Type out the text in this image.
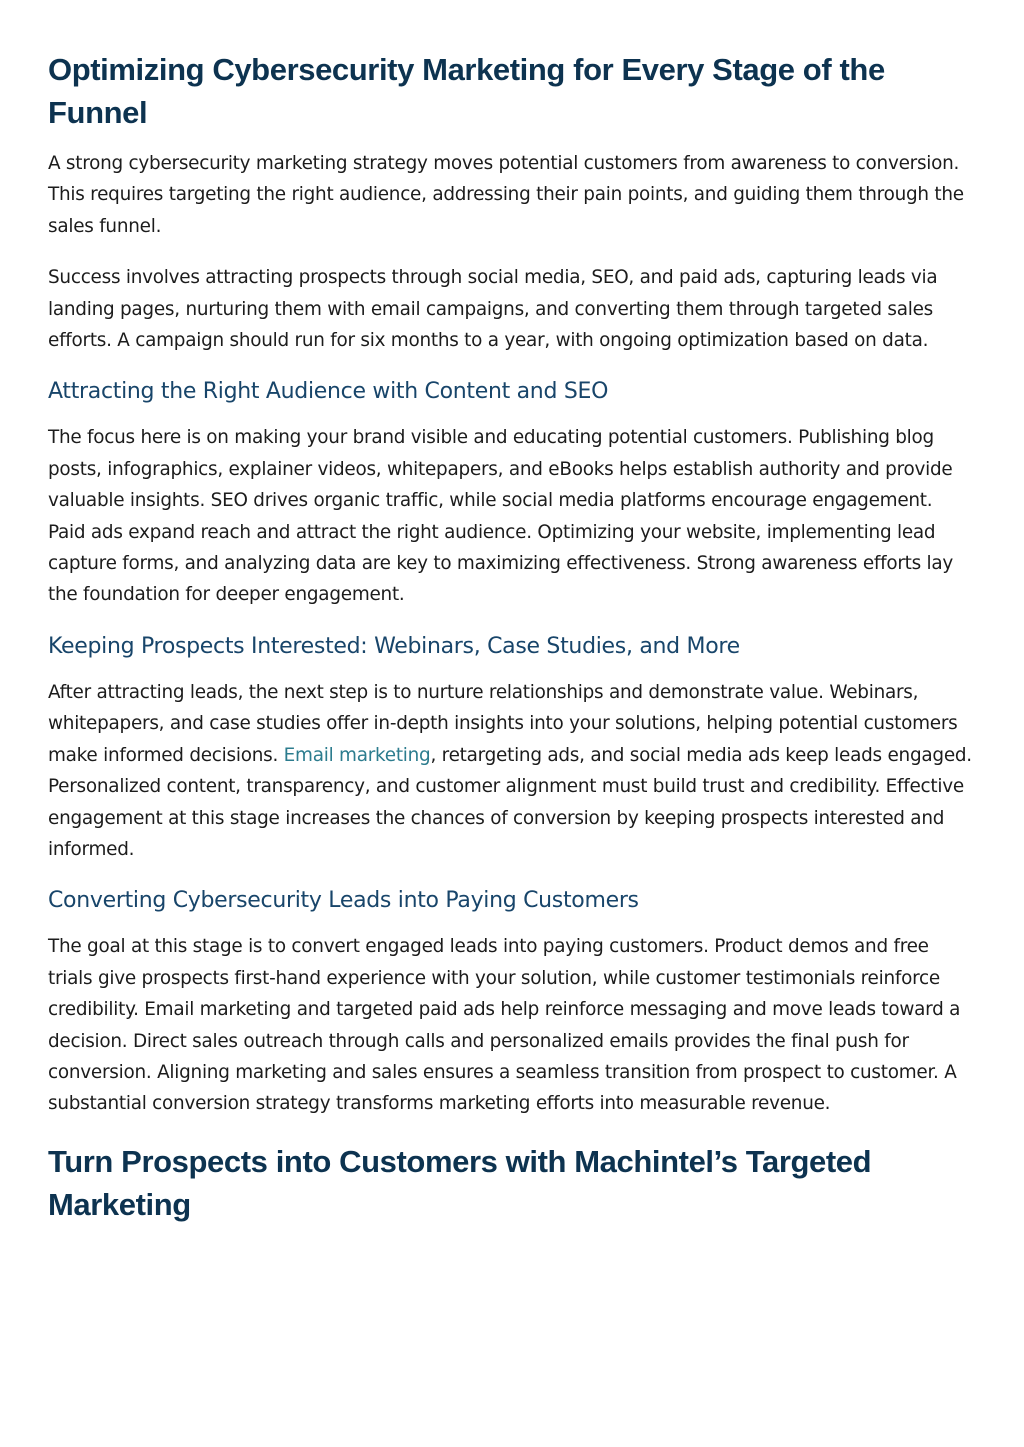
Optimizing Cybersecurity Marketing for Every Stage of the Funnel

A strong cybersecurity marketing strategy moves potential customers from awareness to conversion. This requires targeting the right audience, addressing their pain points, and guiding them through the sales funnel.

Success involves attracting prospects through social media, SEO, and paid ads, capturing leads via landing pages, nurturing them with email campaigns, and converting them through targeted sales efforts. A campaign should run for six months to a year, with ongoing optimization based on data.

Attracting the Right Audience with Content and SEO

The focus here is on making your brand visible and educating potential customers. Publishing blog posts, infographics, explainer videos, whitepapers, and eBooks helps establish authority and provide valuable insights. SEO drives organic traffic, while social media platforms encourage engagement. Paid ads expand reach and attract the right audience. Optimizing your website, implementing lead capture forms, and analyzing data are key to maximizing effectiveness. Strong awareness efforts lay the foundation for deeper engagement.

Keeping Prospects Interested: Webinars, Case Studies, and More

After attracting leads, the next step is to nurture relationships and demonstrate value. Webinars, whitepapers, and case studies offer in-depth insights into your solutions, helping potential customers make informed decisions. Email marketing, retargeting ads, and social media ads keep leads engaged. Personalized content, transparency, and customer alignment must build trust and credibility. Effective engagement at this stage increases the chances of conversion by keeping prospects interested and informed.

Converting Cybersecurity Leads into Paying Customers

The goal at this stage is to convert engaged leads into paying customers. Product demos and free trials give prospects first-hand experience with your solution, while customer testimonials reinforce credibility. Email marketing and targeted paid ads help reinforce messaging and move leads toward a decision. Direct sales outreach through calls and personalized emails provides the final push for conversion. Aligning marketing and sales ensures a seamless transition from prospect to customer. A substantial conversion strategy transforms marketing efforts into measurable revenue.

Turn Prospects into Customers with Machintel’s Targeted Marketing
